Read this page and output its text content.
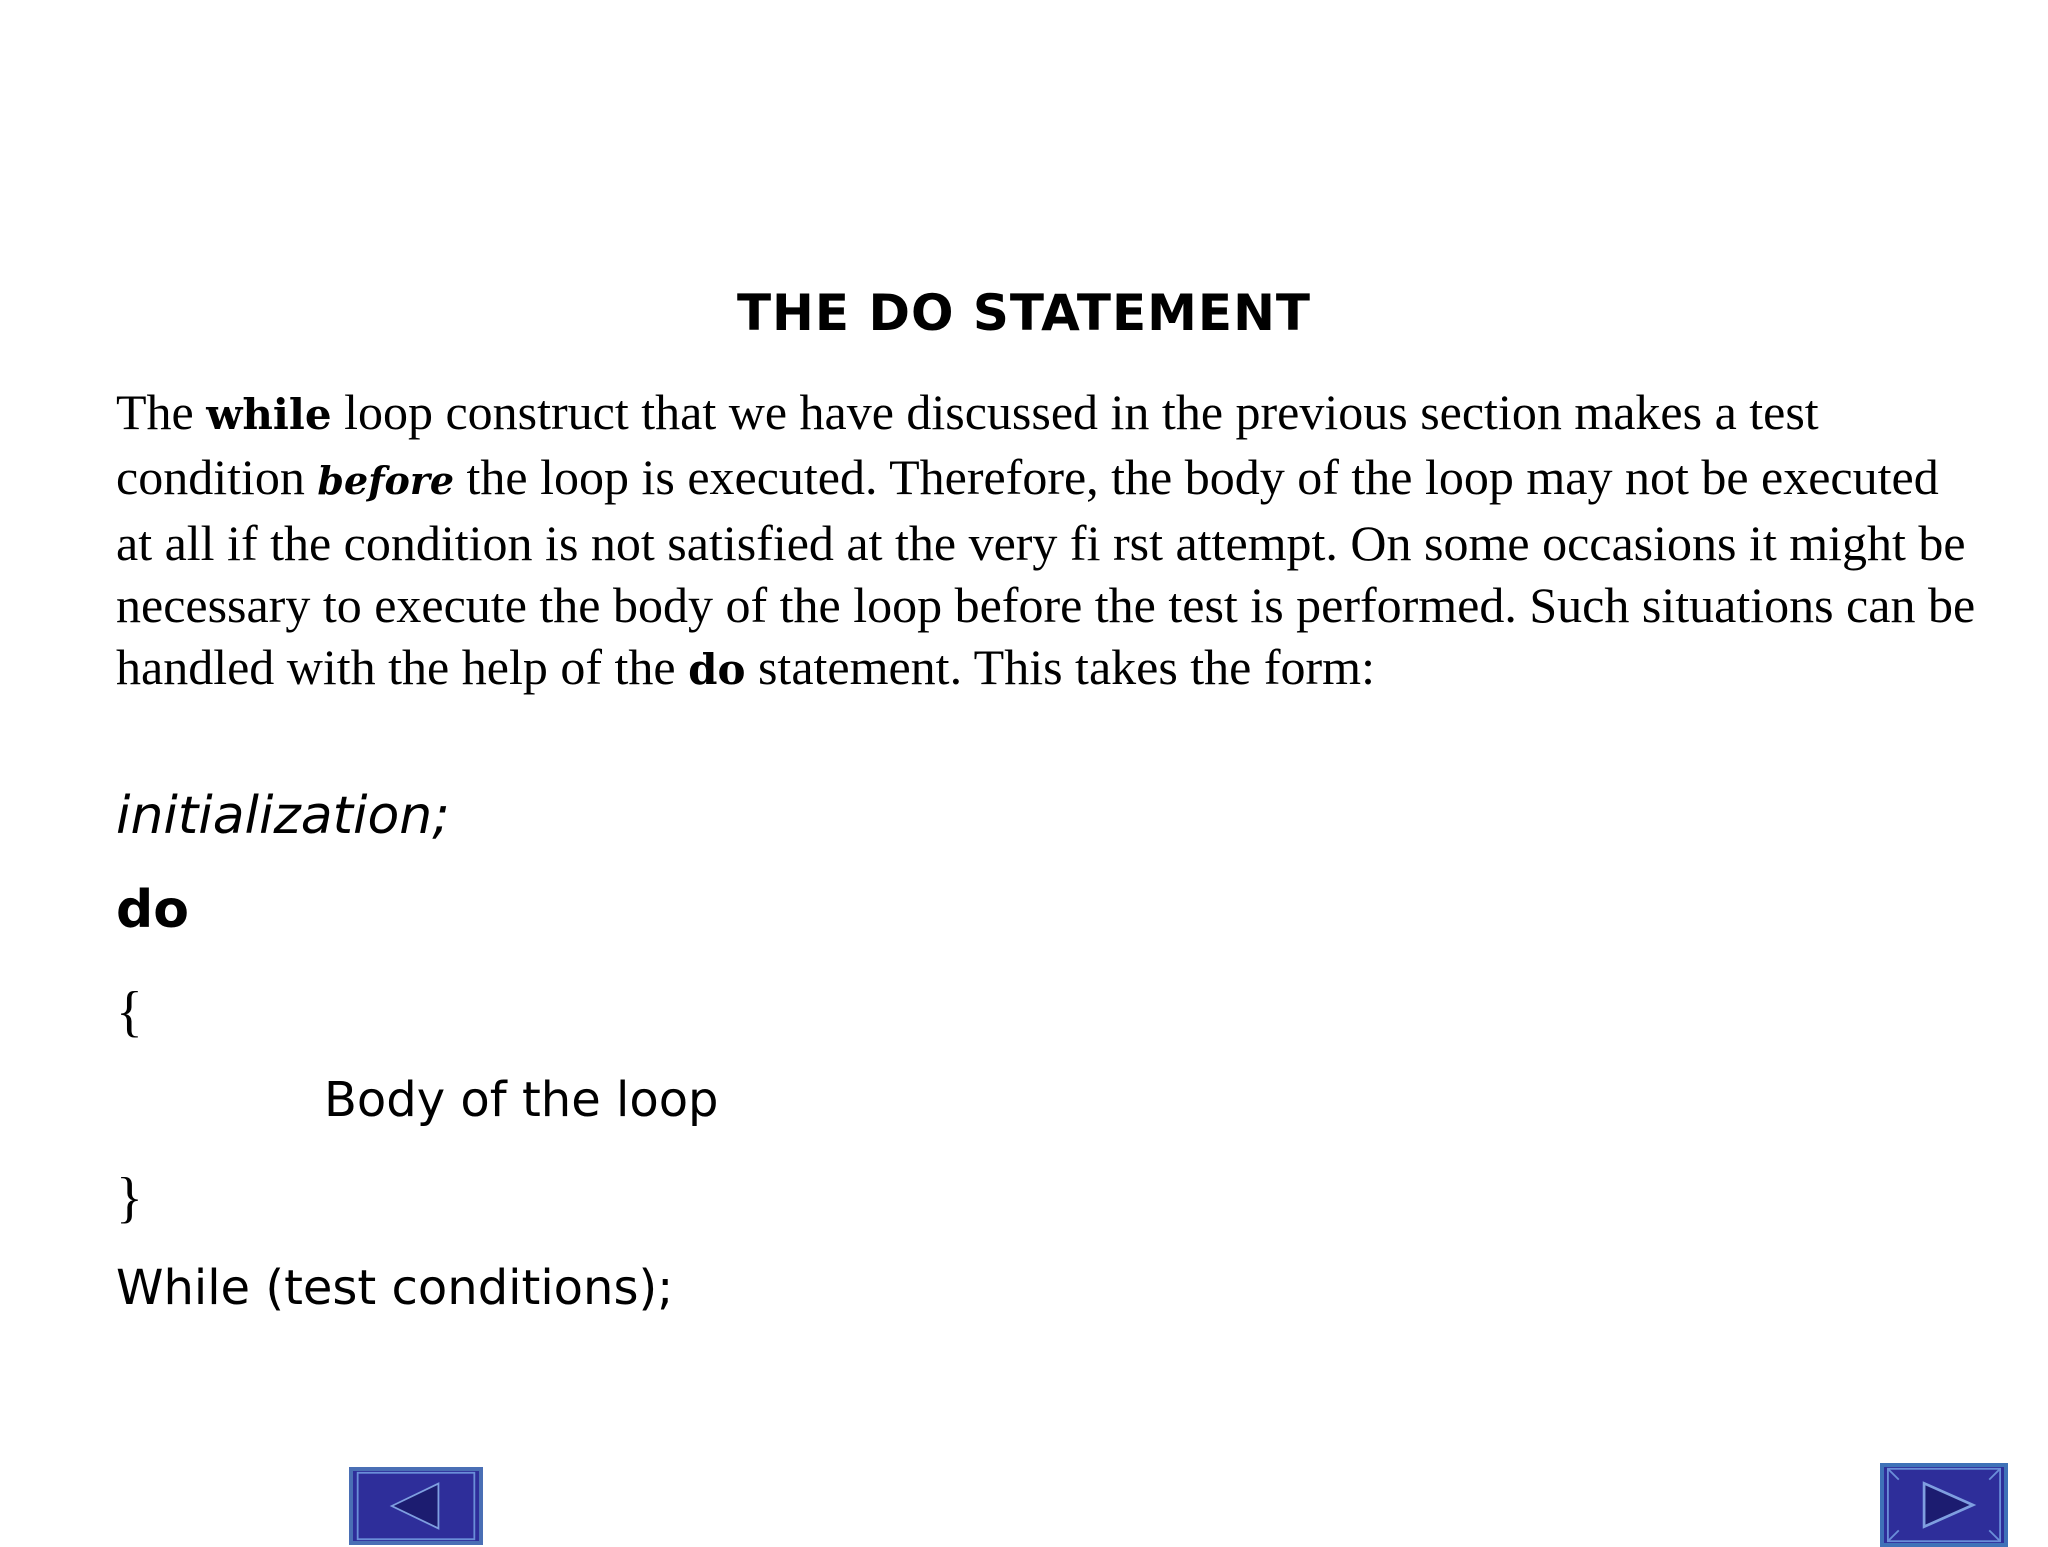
THE DO STATEMENT

The while loop construct that we have discussed in the previous section makes a test condition before the loop is executed. Therefore, the body of the loop may not be executed at all if the condition is not satisfied at the very fi rst attempt. On some occasions it might be necessary to execute the body of the loop before the test is performed. Such situations can be handled with the help of the do statement. This takes the form:

initialization;
do
{
Body of the loop
}
While (test conditions);
